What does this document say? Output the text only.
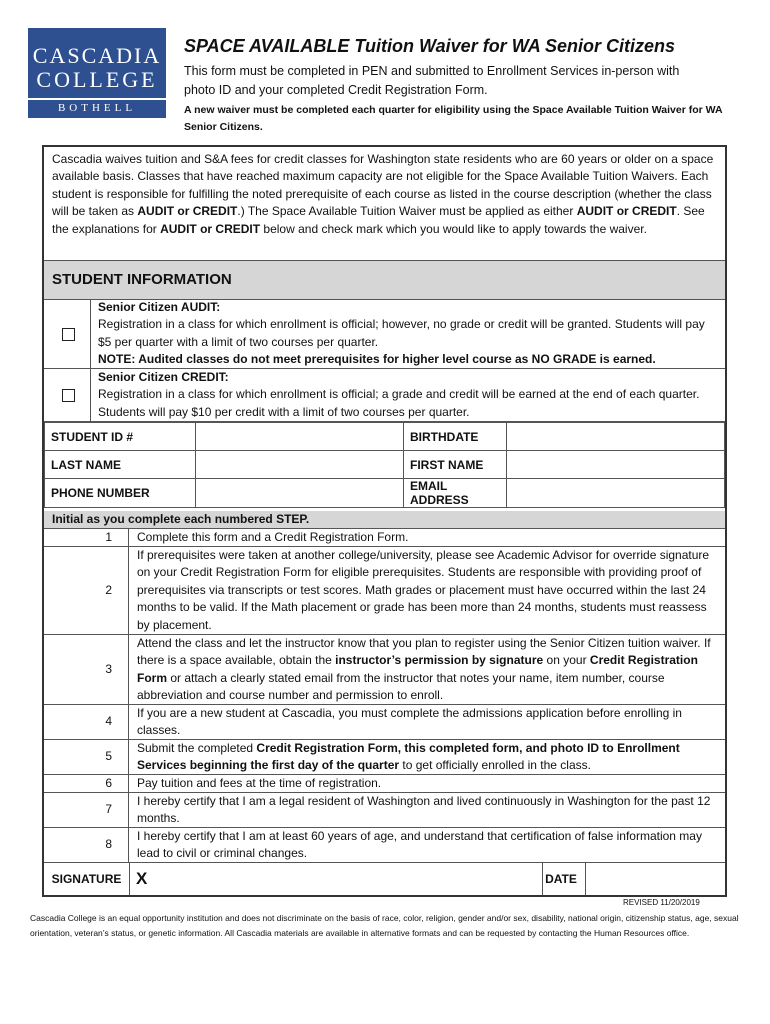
CASCADIA
COLLEGE
BOTHELL
SPACE AVAILABLE Tuition Waiver for WA Senior Citizens
This form must be completed in PEN and submitted to Enrollment Services in-person with photo ID and your completed Credit Registration Form.
A new waiver must be completed each quarter for eligibility using the Space Available Tuition Waiver for WA Senior Citizens.
Cascadia waives tuition and S&A fees for credit classes for Washington state residents who are 60 years or older on a space available basis. Classes that have reached maximum capacity are not eligible for the Space Available Tuition Waivers. Each student is responsible for fulfilling the noted prerequisite of each course as listed in the course description (whether the class will be taken as AUDIT or CREDIT.) The Space Available Tuition Waiver must be applied as either AUDIT or CREDIT. See the explanations for AUDIT or CREDIT below and check mark which you would like to apply towards the waiver.
STUDENT INFORMATION
Senior Citizen AUDIT:
Registration in a class for which enrollment is official; however, no grade or credit will be granted. Students will pay $5 per quarter with a limit of two courses per quarter.
NOTE: Audited classes do not meet prerequisites for higher level course as NO GRADE is earned.
Senior Citizen CREDIT:
Registration in a class for which enrollment is official; a grade and credit will be earned at the end of each quarter. Students will pay $10 per credit with a limit of two courses per quarter.
STUDENT ID #		BIRTHDATE	
LAST NAME		FIRST NAME	
PHONE NUMBER		EMAIL ADDRESS	
Initial as you complete each numbered STEP.
1	Complete this form and a Credit Registration Form.
2
If prerequisites were taken at another college/university, please see Academic Advisor for override signature on your Credit Registration Form for eligible prerequisites. Students are responsible with providing proof of prerequisites via transcripts or test scores. Math grades or placement must have occurred within the last 24 months to be valid. If the Math placement or grade has been more than 24 months, students must reassess by placement.
3
Attend the class and let the instructor know that you plan to register using the Senior Citizen tuition waiver. If there is a space available, obtain the instructor’s permission by signature on your Credit Registration Form or attach a clearly stated email from the instructor that notes your name, item number, course abbreviation and course number and permission to enroll.
4
If you are a new student at Cascadia, you must complete the admissions application before enrolling in classes.
5
Submit the completed Credit Registration Form, this completed form, and photo ID to Enrollment Services beginning the first day of the quarter to get officially enrolled in the class.
6	Pay tuition and fees at the time of registration.
7
I hereby certify that I am a legal resident of Washington and lived continuously in Washington for the past 12 months.
8
I hereby certify that I am at least 60 years of age, and understand that certification of false information may lead to civil or criminal changes.
SIGNATURE X	DATE
REVISED 11/20/2019
Cascadia College is an equal opportunity institution and does not discriminate on the basis of race, color, religion, gender and/or sex, disability, national origin, citizenship status, age, sexual orientation, veteran’s status, or genetic information. All Cascadia materials are available in alternative formats and can be requested by contacting the Human Resources office.
